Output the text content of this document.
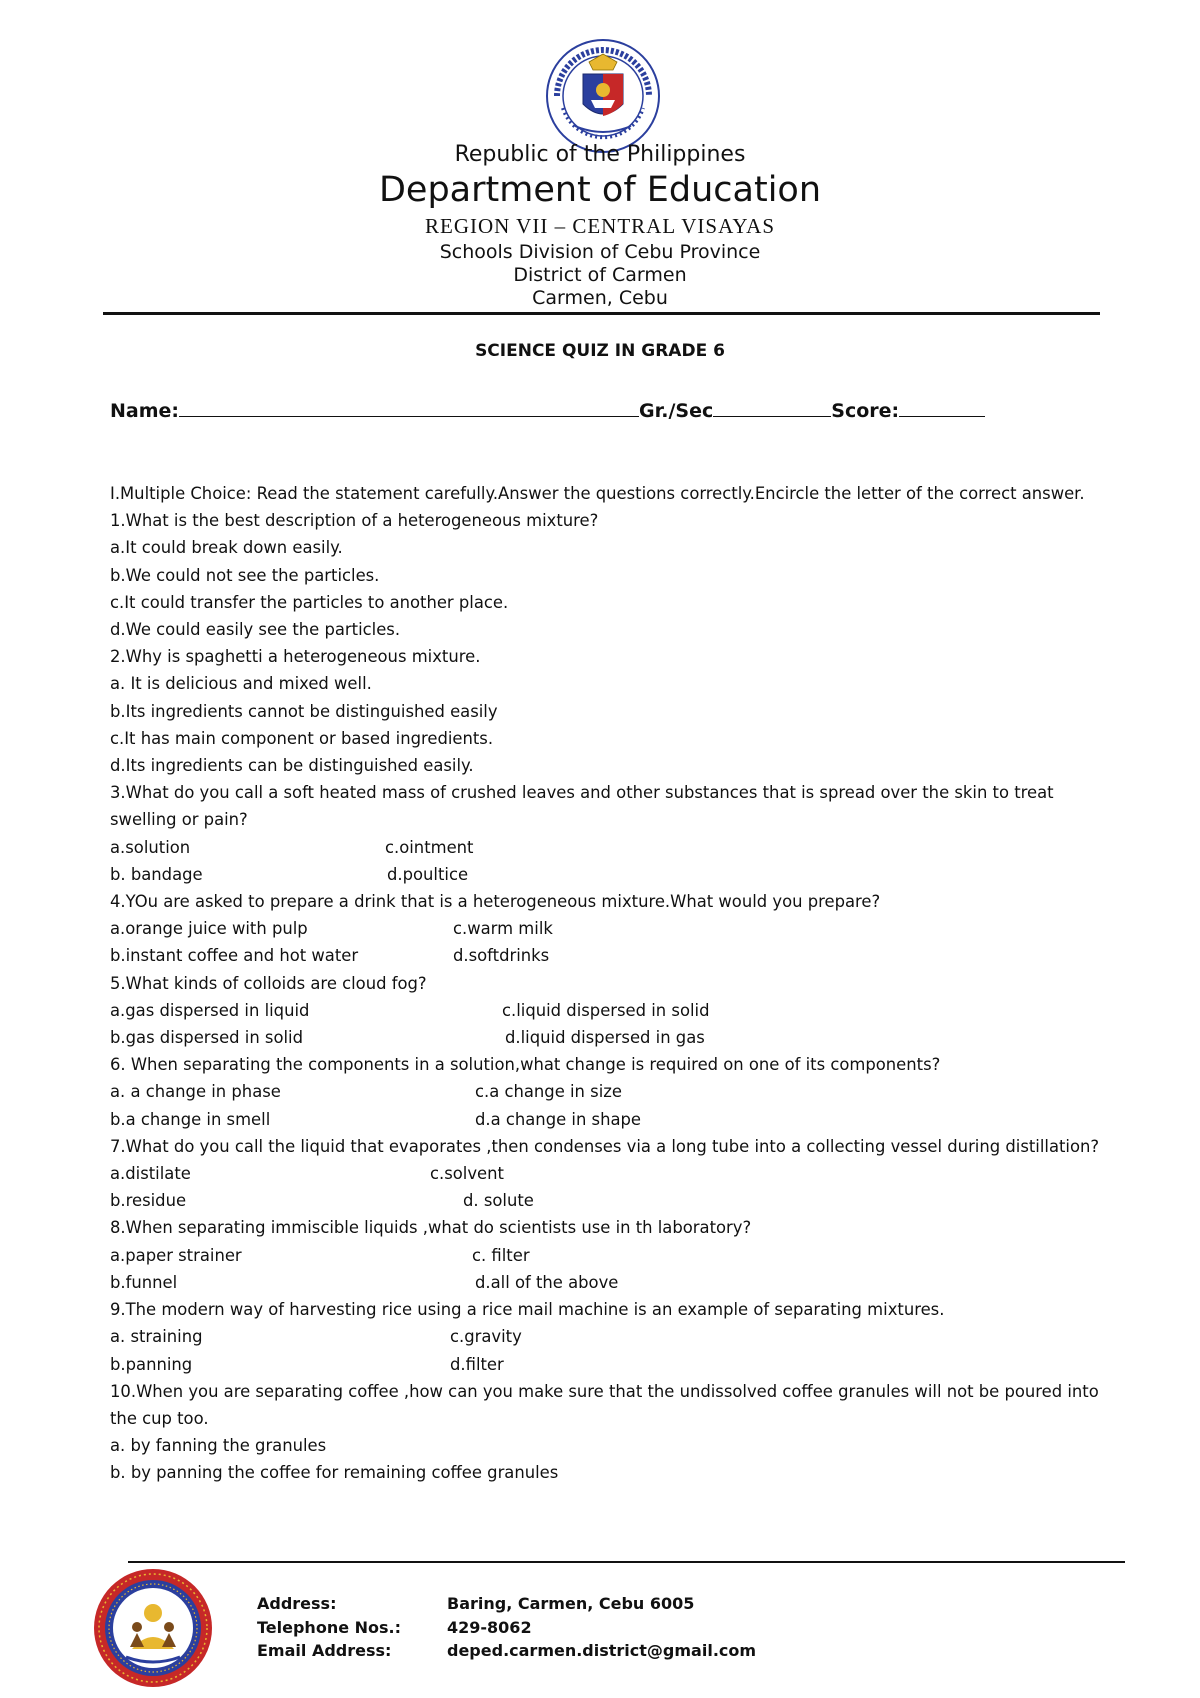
Republic of the Philippines
Department of Education
REGION VII – CENTRAL VISAYAS
Schools Division of Cebu Province
District of Carmen
Carmen, Cebu
SCIENCE QUIZ IN GRADE 6
Name:	Gr./Sec	Score:
I.Multiple Choice: Read the statement carefully.Answer the questions correctly.Encircle the letter of the correct answer.
1.What is the best description of a heterogeneous mixture?
a.It could break down easily.
b.We could not see the particles.
c.It could transfer the particles to another place.
d.We could easily see the particles.
2.Why is spaghetti a heterogeneous mixture.
a. It is delicious and mixed well.
b.Its ingredients cannot be distinguished easily
c.It has main component or based ingredients.
d.Its ingredients can be distinguished easily.
3.What do you call a soft heated mass of crushed leaves and other substances that is spread over the skin to treat swelling or pain?
a.solution	c.ointment
b. bandage	d.poultice
4.YOu are asked to prepare a drink that is a heterogeneous mixture.What would you prepare?
a.orange juice with pulp	c.warm milk
b.instant coffee and hot water	d.softdrinks
5.What kinds of colloids are cloud fog?
a.gas dispersed in liquid	c.liquid dispersed in solid
b.gas dispersed in solid	d.liquid dispersed in gas
6. When separating the components in a solution,what change is required on one of its components?
a. a change in phase	c.a change in size
b.a change in smell	d.a change in shape
7.What do you call the liquid that evaporates ,then condenses via a long tube into a collecting vessel during distillation?
a.distilate	c.solvent
b.residue	d. solute
8.When separating immiscible liquids ,what do scientists use in th laboratory?
a.paper strainer	c. filter
b.funnel	d.all of the above
9.The modern way of harvesting rice using a rice mail machine is an example of separating mixtures.
a. straining	c.gravity
b.panning	d.filter
10.When you are separating coffee ,how can you make sure that the undissolved coffee granules will not be poured into the cup too.
a. by fanning the granules
b. by panning the coffee for remaining coffee granules
Address:	Baring, Carmen, Cebu 6005
Telephone Nos.:	429-8062
Email Address:	deped.carmen.district@gmail.com
